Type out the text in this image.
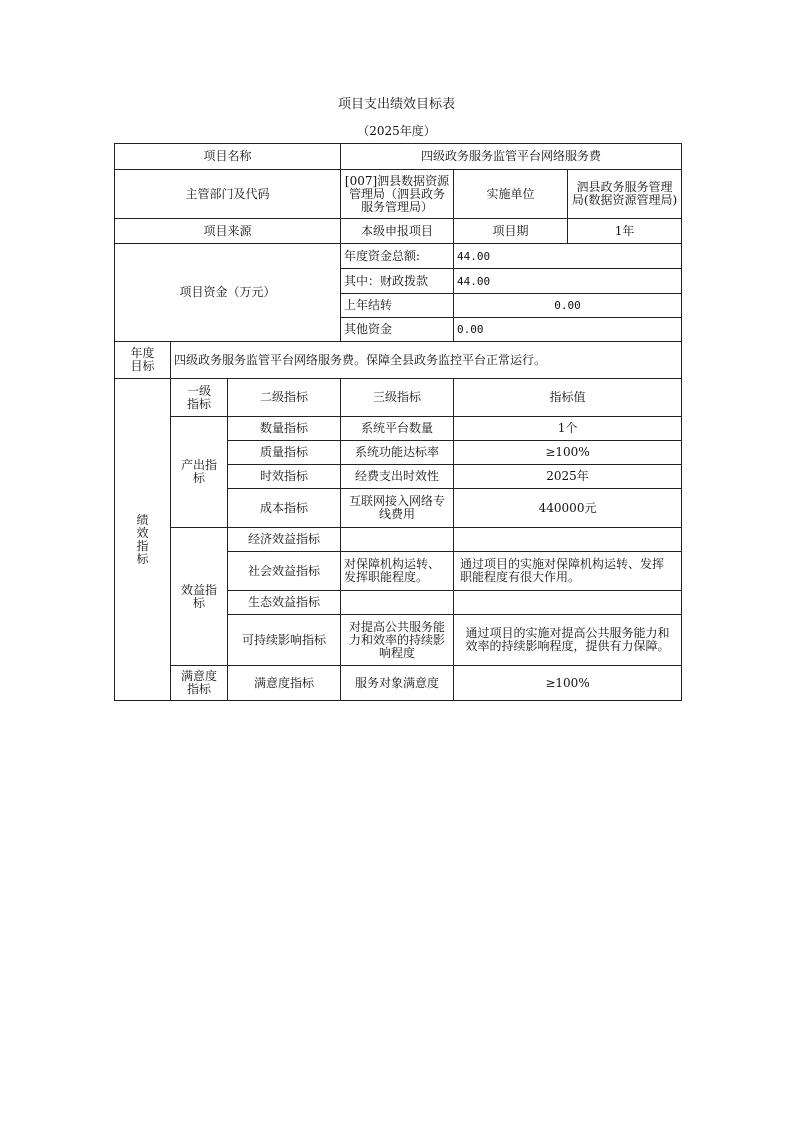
项目支出绩效目标表
（2025年度）
项目名称			四级政务服务监管平台网络服务费		
主管部门及代码			[007]泗县数据资源管理局（泗县政务服务管理局）	实施单位	泗县政务服务管理局(数据资源管理局)
项目来源			本级申报项目	项目期	1年
项目资金（万元）			年度资金总额:	44.00	
			其中：财政拨款	44.00	
			上年结转	0.00	
			其他资金	0.00	
年度目标	四级政务服务监管平台网络服务费。保障全县政务监控平台正常运行。				
绩效指标	一级指标	二级指标	三级指标	指标值	
	产出指标	数量指标	系统平台数量	1个	
		质量指标	系统功能达标率	≥100%	
		时效指标	经费支出时效性	2025年	
		成本指标	互联网接入网络专线费用	440000元	
	效益指标	经济效益指标			
		社会效益指标	对保障机构运转、发挥职能程度。	通过项目的实施对保障机构运转、发挥职能程度有很大作用。	
		生态效益指标			
		可持续影响指标	对提高公共服务能力和效率的持续影响程度	通过项目的实施对提高公共服务能力和效率的持续影响程度，提供有力保障。	
	满意度指标	满意度指标	服务对象满意度	≥100%	
